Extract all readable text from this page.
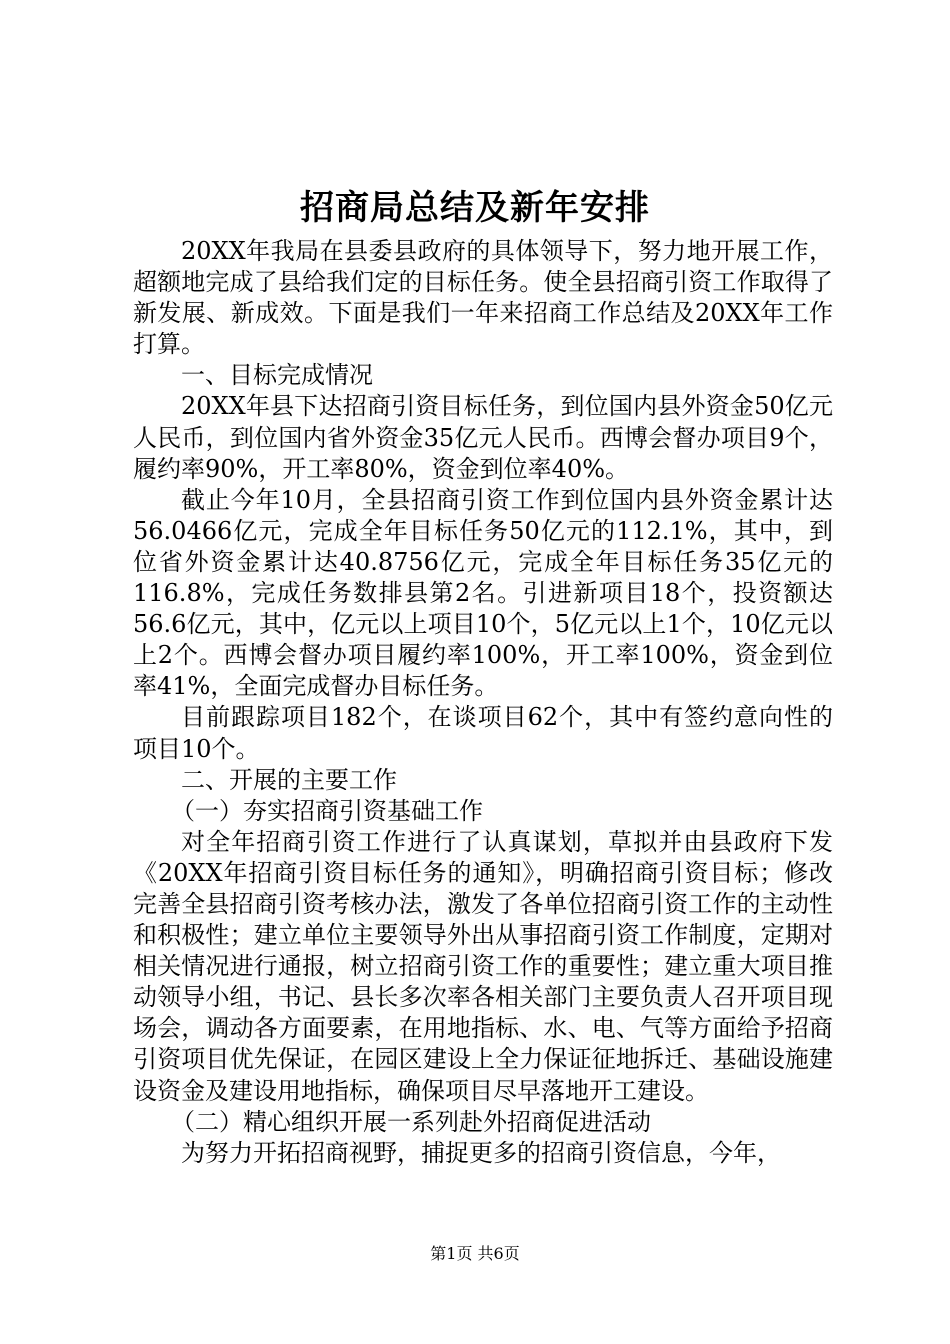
招商局总结及新年安排

20XX年我局在县委县政府的具体领导下，努力地开展工作，超额地完成了县给我们定的目标任务。使全县招商引资工作取得了新发展、新成效。下面是我们一年来招商工作总结及20XX年工作打算。

一、目标完成情况

20XX年县下达招商引资目标任务，到位国内县外资金50亿元人民币，到位国内省外资金35亿元人民币。西博会督办项目9个，履约率90%，开工率80%，资金到位率40%。

截止今年10月，全县招商引资工作到位国内县外资金累计达56.0466亿元，完成全年目标任务50亿元的112.1%，其中，到位省外资金累计达40.8756亿元，完成全年目标任务35亿元的116.8%，完成任务数排县第2名。引进新项目18个，投资额达56.6亿元，其中，亿元以上项目10个，5亿元以上1个，10亿元以上2个。西博会督办项目履约率100%，开工率100%，资金到位率41%，全面完成督办目标任务。

目前跟踪项目182个，在谈项目62个，其中有签约意向性的项目10个。

二、开展的主要工作

（一）夯实招商引资基础工作

对全年招商引资工作进行了认真谋划，草拟并由县政府下发《20XX年招商引资目标任务的通知》，明确招商引资目标；修改完善全县招商引资考核办法，激发了各单位招商引资工作的主动性和积极性；建立单位主要领导外出从事招商引资工作制度，定期对相关情况进行通报，树立招商引资工作的重要性；建立重大项目推动领导小组，书记、县长多次率各相关部门主要负责人召开项目现场会，调动各方面要素，在用地指标、水、电、气等方面给予招商引资项目优先保证，在园区建设上全力保证征地拆迁、基础设施建设资金及建设用地指标，确保项目尽早落地开工建设。

（二）精心组织开展一系列赴外招商促进活动

为努力开拓招商视野，捕捉更多的招商引资信息，今年，

第1页 共6页
